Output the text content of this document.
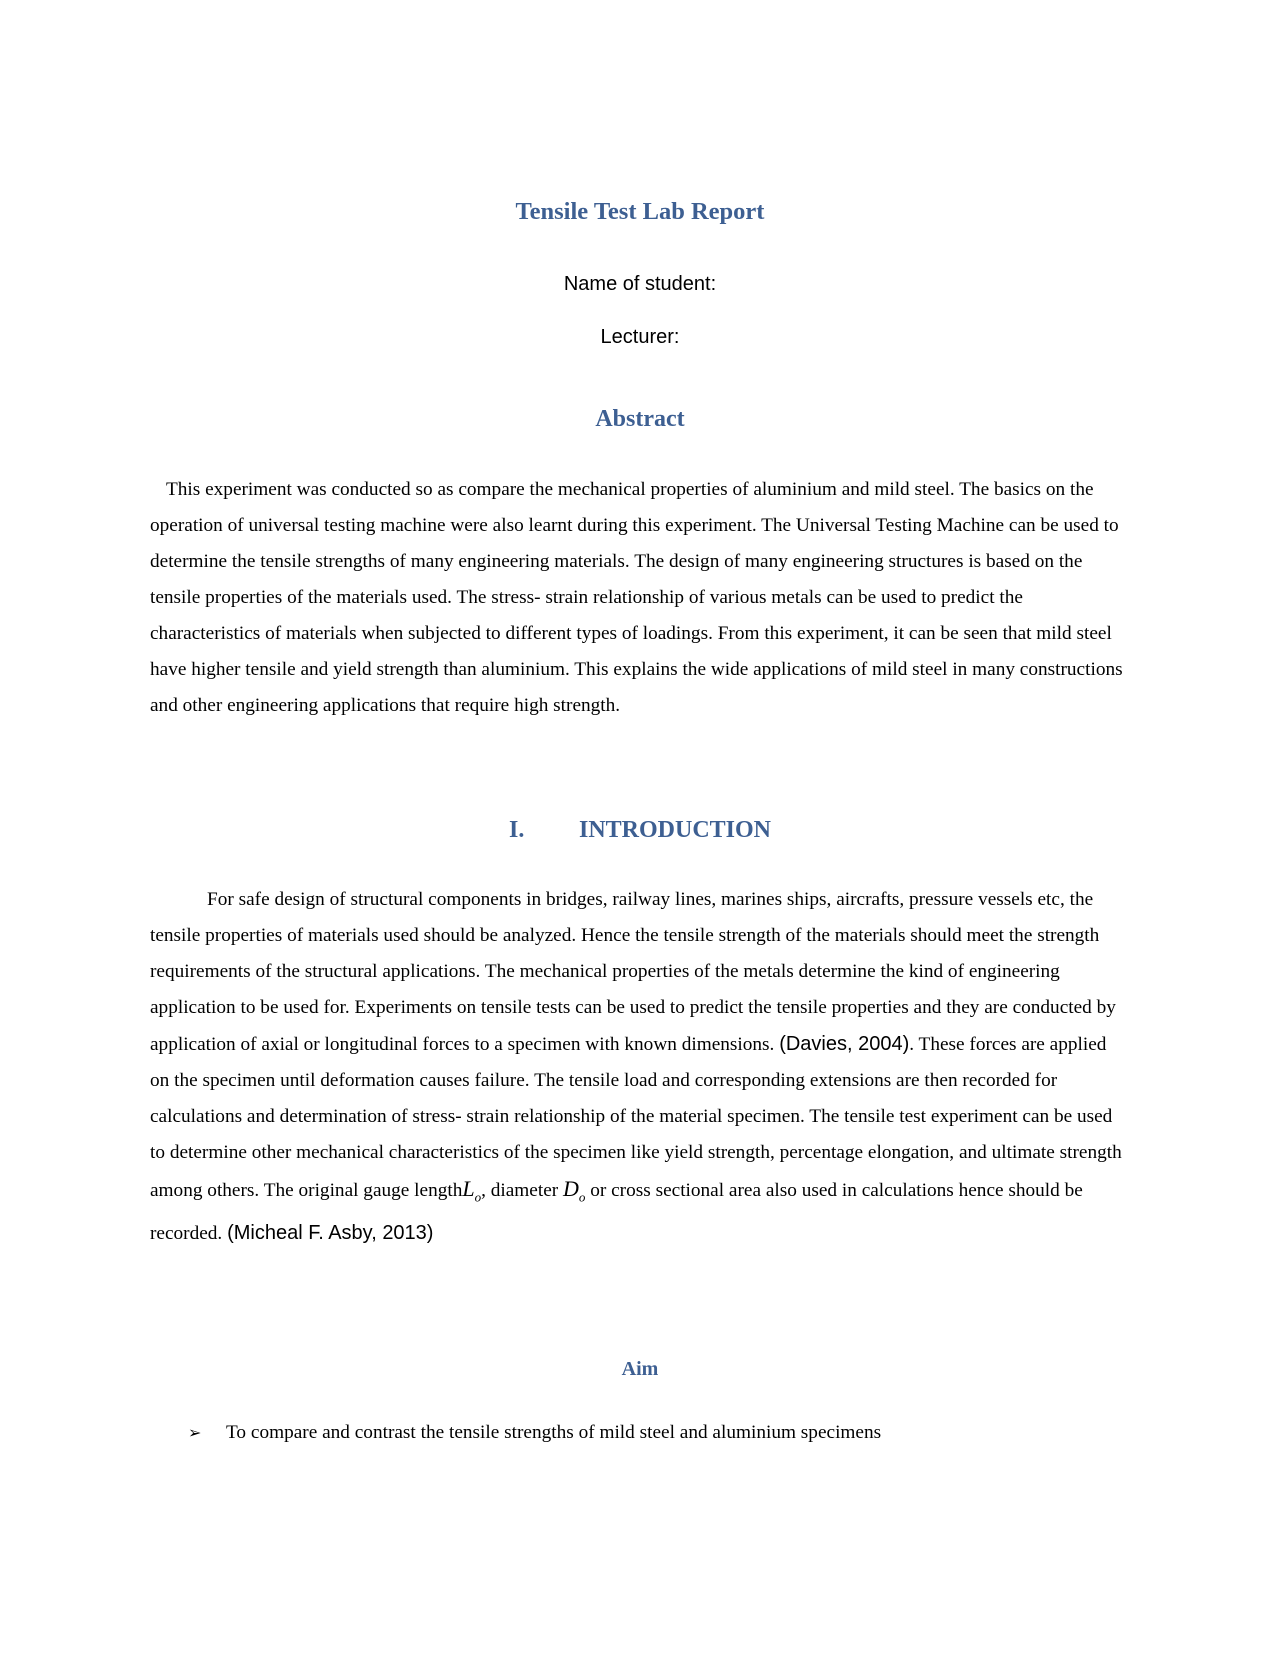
Tensile Test Lab Report
Name of student:
Lecturer:
Abstract
This experiment was conducted so as compare the mechanical properties of aluminium and mild steel. The basics on the operation of universal testing machine were also learnt during this experiment. The Universal Testing Machine can be used to determine the tensile strengths of many engineering materials. The design of many engineering structures is based on the tensile properties of the materials used. The stress- strain relationship of various metals can be used to predict the characteristics of materials when subjected to different types of loadings. From this experiment, it can be seen that mild steel have higher tensile and yield strength than aluminium. This explains the wide applications of mild steel in many constructions and other engineering applications that require high strength.
I. INTRODUCTION
For safe design of structural components in bridges, railway lines, marines ships, aircrafts, pressure vessels etc, the tensile properties of materials used should be analyzed. Hence the tensile strength of the materials should meet the strength requirements of the structural applications. The mechanical properties of the metals determine the kind of engineering application to be used for. Experiments on tensile tests can be used to predict the tensile properties and they are conducted by application of axial or longitudinal forces to a specimen with known dimensions. (Davies, 2004). These forces are applied on the specimen until deformation causes failure. The tensile load and corresponding extensions are then recorded for calculations and determination of stress- strain relationship of the material specimen. The tensile test experiment can be used to determine other mechanical characteristics of the specimen like yield strength, percentage elongation, and ultimate strength among others. The original gauge lengthL$_o$, diameter $D_o$ or cross sectional area also used in calculations hence should be recorded. (Micheal F. Asby, 2013)
Aim
➢	To compare and contrast the tensile strengths of mild steel and aluminium specimens
